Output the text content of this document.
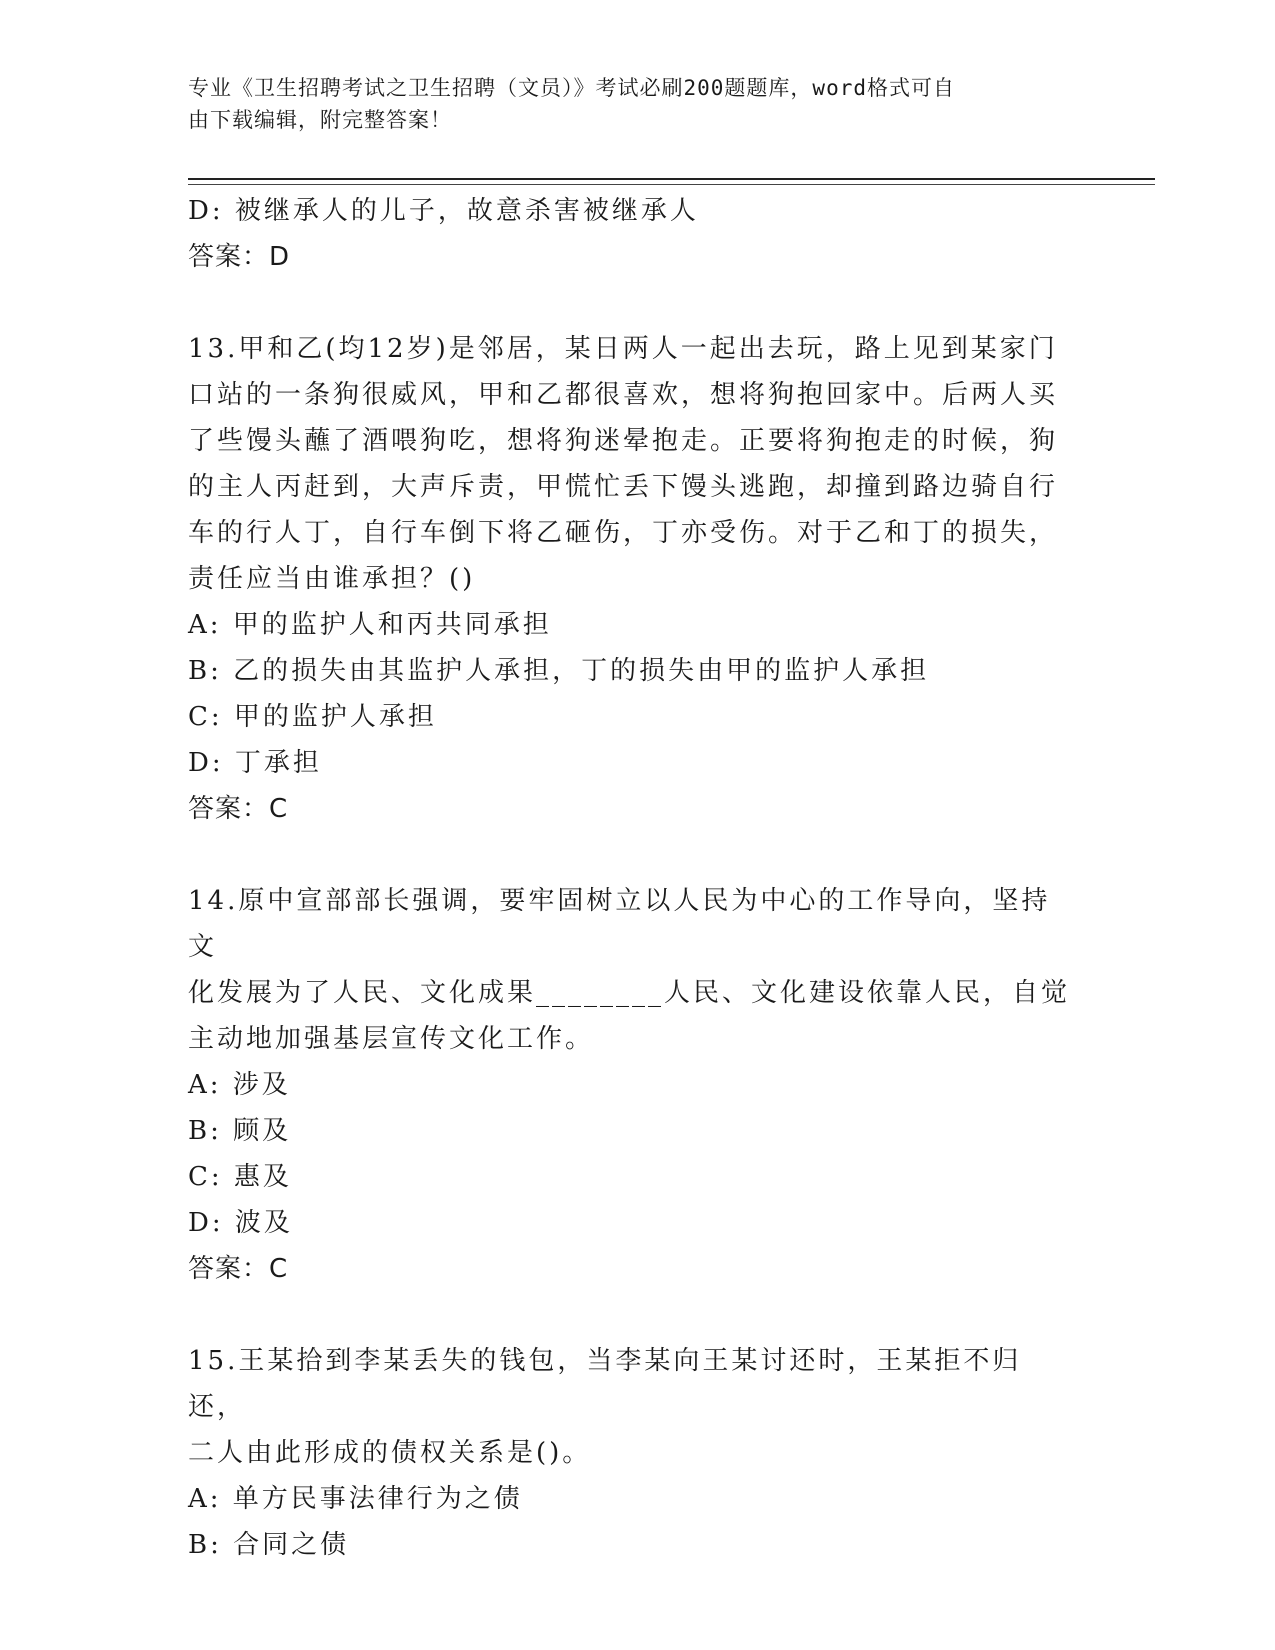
专业《卫生招聘考试之卫生招聘（文员）》考试必刷200题题库，word格式可自
由下载编辑，附完整答案！
D: 被继承人的儿子，故意杀害被继承人
答案：D
13.甲和乙(均12岁)是邻居，某日两人一起出去玩，路上见到某家门
口站的一条狗很威风，甲和乙都很喜欢，想将狗抱回家中。后两人买
了些馒头蘸了酒喂狗吃，想将狗迷晕抱走。正要将狗抱走的时候，狗
的主人丙赶到，大声斥责，甲慌忙丢下馒头逃跑，却撞到路边骑自行
车的行人丁，自行车倒下将乙砸伤，丁亦受伤。对于乙和丁的损失，
责任应当由谁承担？()
A: 甲的监护人和丙共同承担
B: 乙的损失由其监护人承担，丁的损失由甲的监护人承担
C: 甲的监护人承担
D: 丁承担
答案：C
14.原中宣部部长强调，要牢固树立以人民为中心的工作导向，坚持文
化发展为了人民、文化成果________人民、文化建设依靠人民，自觉
主动地加强基层宣传文化工作。
A: 涉及
B: 顾及
C: 惠及
D: 波及
答案：C
15.王某拾到李某丢失的钱包，当李某向王某讨还时，王某拒不归还，
二人由此形成的债权关系是()。
A: 单方民事法律行为之债
B: 合同之债
